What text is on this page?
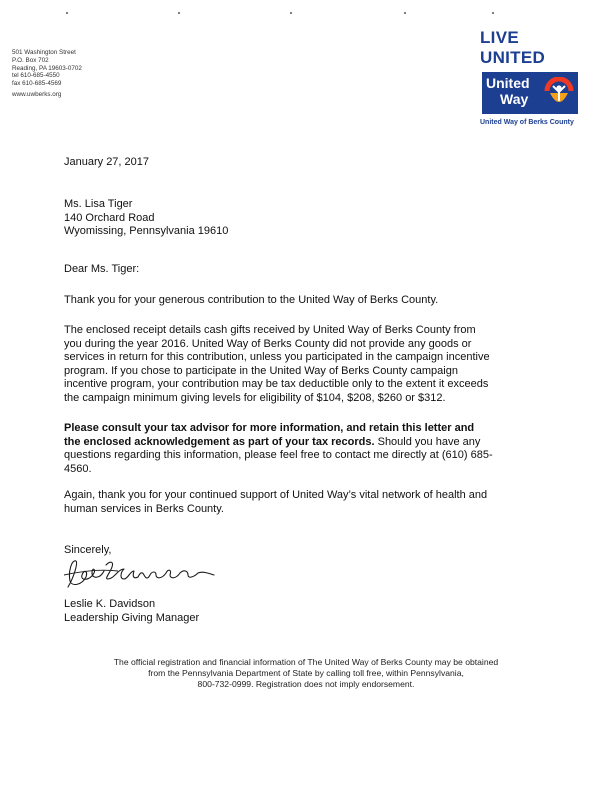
501 Washington Street
P.O. Box 702
Reading, PA 19603-0702
tel 610-685-4550
fax 610-685-4569
www.uwberks.org
LIVE UNITED
United
Way
United Way of Berks County
January 27, 2017
Ms. Lisa Tiger
140 Orchard Road
Wyomissing, Pennsylvania 19610
Dear Ms. Tiger:
Thank you for your generous contribution to the United Way of Berks County.
The enclosed receipt details cash gifts received by United Way of Berks County from
you during the year 2016. United Way of Berks County did not provide any goods or
services in return for this contribution, unless you participated in the campaign incentive
program. If you chose to participate in the United Way of Berks County campaign
incentive program, your contribution may be tax deductible only to the extent it exceeds
the campaign minimum giving levels for eligibility of $104, $208, $260 or $312.
Please consult your tax advisor for more information, and retain this letter and
the enclosed acknowledgement as part of your tax records. Should you have any
questions regarding this information, please feel free to contact me directly at (610) 685-
4560.
Again, thank you for your continued support of United Way’s vital network of health and
human services in Berks County.
Sincerely,
Leslie K. Davidson
Leadership Giving Manager
The official registration and financial information of The United Way of Berks County may be obtained
from the Pennsylvania Department of State by calling toll free, within Pennsylvania,
800-732-0999. Registration does not imply endorsement.
